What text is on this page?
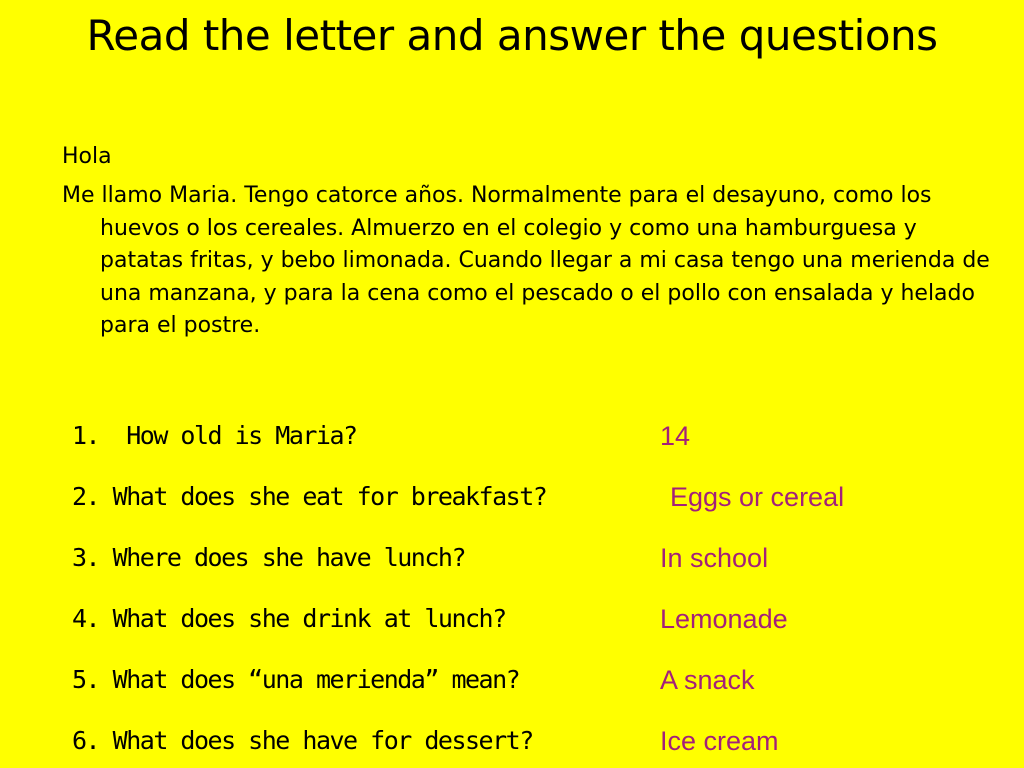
Read the letter and answer the questions
Hola
Me llamo Maria. Tengo catorce años. Normalmente para el desayuno, como los huevos o los cereales. Almuerzo en el colegio y como una hamburguesa y patatas fritas, y bebo limonada. Cuando llegar a mi casa tengo una merienda de una manzana, y para la cena como el pescado o el pollo con ensalada y helado para el postre.
1. How old is Maria?
2. What does she eat for breakfast?
3. Where does she have lunch?
4. What does she drink at lunch?
5. What does “una merienda” mean?
6. What does she have for dessert?
14
Eggs or cereal
In school
Lemonade
A snack
Ice cream
